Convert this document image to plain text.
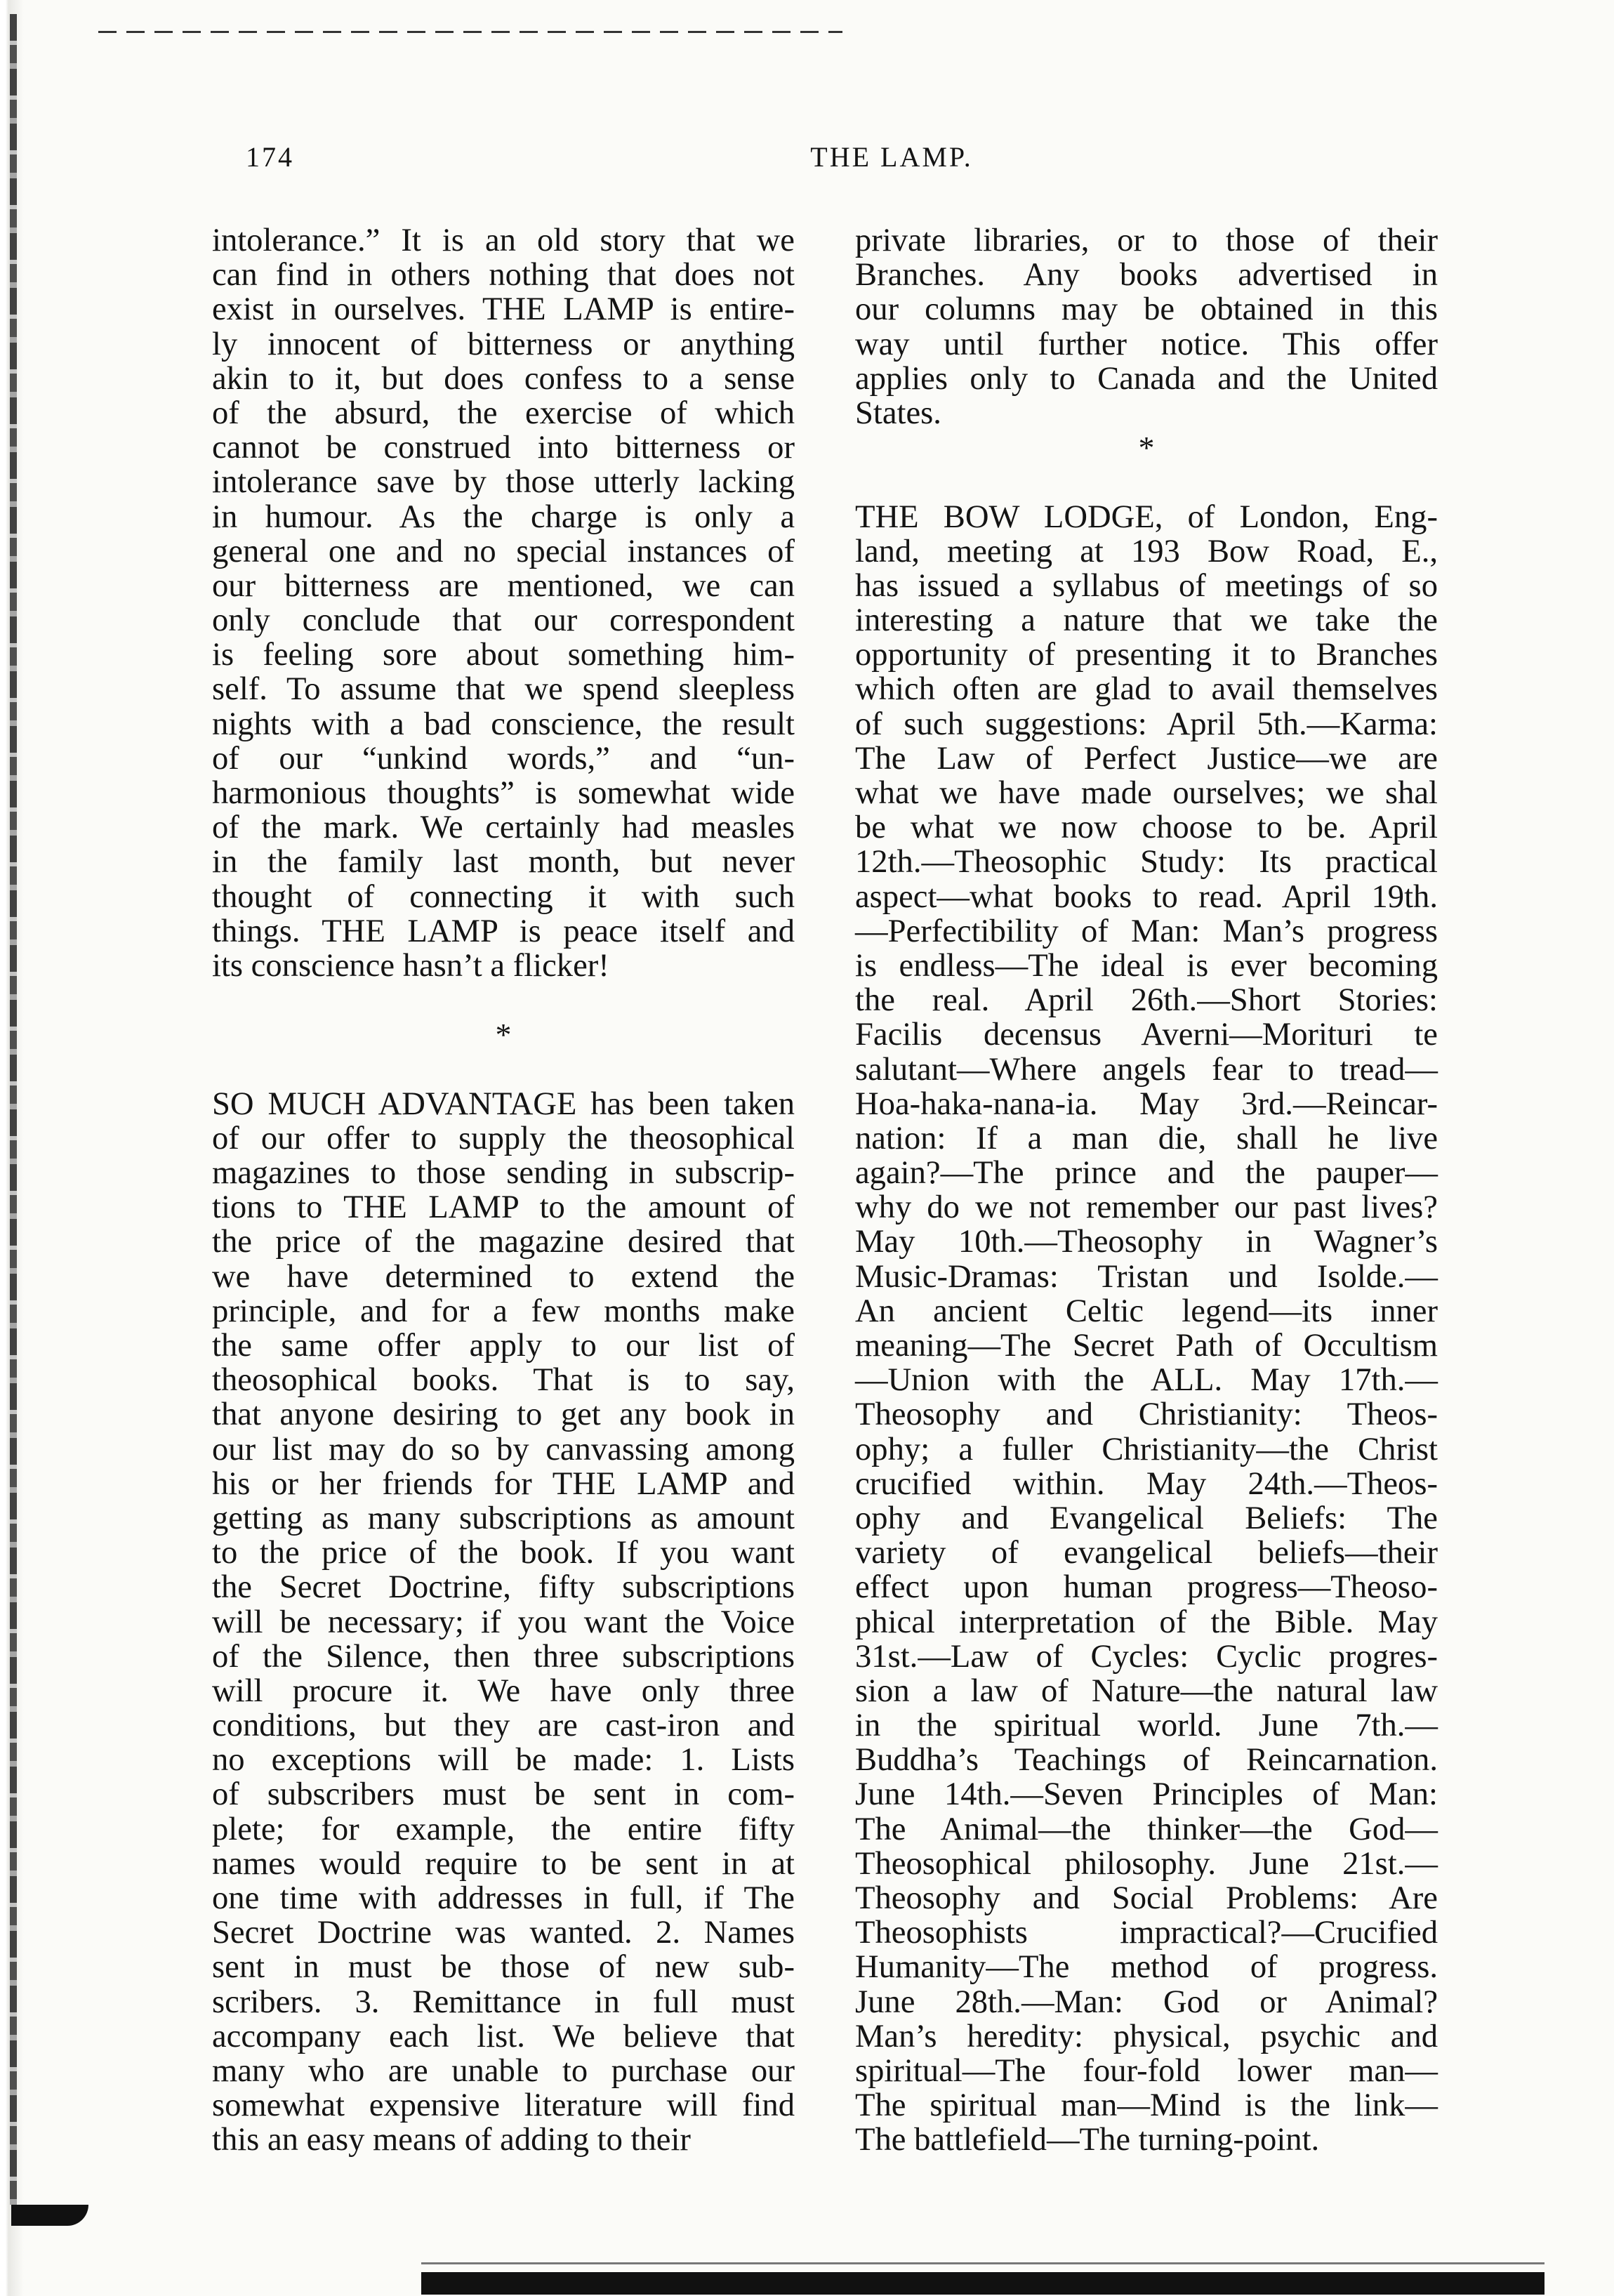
174	THE LAMP.
intolerance.” It is an old story that we
can find in others nothing that does not
exist in ourselves. THE LAMP is entire-
ly innocent of bitterness or anything
akin to it, but does confess to a sense
of the absurd, the exercise of which
cannot be construed into bitterness or
intolerance save by those utterly lacking
in humour. As the charge is only a
general one and no special instances of
our bitterness are mentioned, we can
only conclude that our correspondent
is feeling sore about something him-
self. To assume that we spend sleepless
nights with a bad conscience, the result
of our “unkind words,” and “un-
harmonious thoughts” is somewhat wide
of the mark. We certainly had measles
in the family last month, but never
thought of connecting it with such
things. THE LAMP is peace itself and
its conscience hasn’t a flicker!
*
SO MUCH ADVANTAGE has been taken
of our offer to supply the theosophical
magazines to those sending in subscrip-
tions to THE LAMP to the amount of
the price of the magazine desired that
we have determined to extend the
principle, and for a few months make
the same offer apply to our list of
theosophical books. That is to say,
that anyone desiring to get any book in
our list may do so by canvassing among
his or her friends for THE LAMP and
getting as many subscriptions as amount
to the price of the book. If you want
the Secret Doctrine, fifty subscriptions
will be necessary; if you want the Voice
of the Silence, then three subscriptions
will procure it. We have only three
conditions, but they are cast-iron and
no exceptions will be made: 1. Lists
of subscribers must be sent in com-
plete; for example, the entire fifty
names would require to be sent in at
one time with addresses in full, if The
Secret Doctrine was wanted. 2. Names
sent in must be those of new sub-
scribers. 3. Remittance in full must
accompany each list. We believe that
many who are unable to purchase our
somewhat expensive literature will find
this an easy means of adding to their
private libraries, or to those of their
Branches. Any books advertised in
our columns may be obtained in this
way until further notice. This offer
applies only to Canada and the United
States.
*
THE BOW LODGE, of London, Eng-
land, meeting at 193 Bow Road, E.,
has issued a syllabus of meetings of so
interesting a nature that we take the
opportunity of presenting it to Branches
which often are glad to avail themselves
of such suggestions: April 5th.—Karma:
The Law of Perfect Justice—we are
what we have made ourselves; we shal
be what we now choose to be. April
12th.—Theosophic Study: Its practical
aspect—what books to read. April 19th.
—Perfectibility of Man: Man’s progress
is endless—The ideal is ever becoming
the real. April 26th.—Short Stories:
Facilis decensus Averni—Morituri te
salutant—Where angels fear to tread—
Hoa-haka-nana-ia. May 3rd.—Reincar-
nation: If a man die, shall he live
again?—The prince and the pauper—
why do we not remember our past lives?
May 10th.—Theosophy in Wagner’s
Music-Dramas: Tristan und Isolde.—
An ancient Celtic legend—its inner
meaning—The Secret Path of Occultism
—Union with the ALL. May 17th.—
Theosophy and Christianity: Theos-
ophy; a fuller Christianity—the Christ
crucified within. May 24th.—Theos-
ophy and Evangelical Beliefs: The
variety of evangelical beliefs—their
effect upon human progress—Theoso-
phical interpretation of the Bible. May
31st.—Law of Cycles: Cyclic progres-
sion a law of Nature—the natural law
in the spiritual world. June 7th.—
Buddha’s Teachings of Reincarnation.
June 14th.—Seven Principles of Man:
The Animal—the thinker—the God—
Theosophical philosophy. June 21st.—
Theosophy and Social Problems: Are
Theosophists impractical?—Crucified
Humanity—The method of progress.
June 28th.—Man: God or Animal?
Man’s heredity: physical, psychic and
spiritual—The four-fold lower man—
The spiritual man—Mind is the link—
The battlefield—The turning-point.
